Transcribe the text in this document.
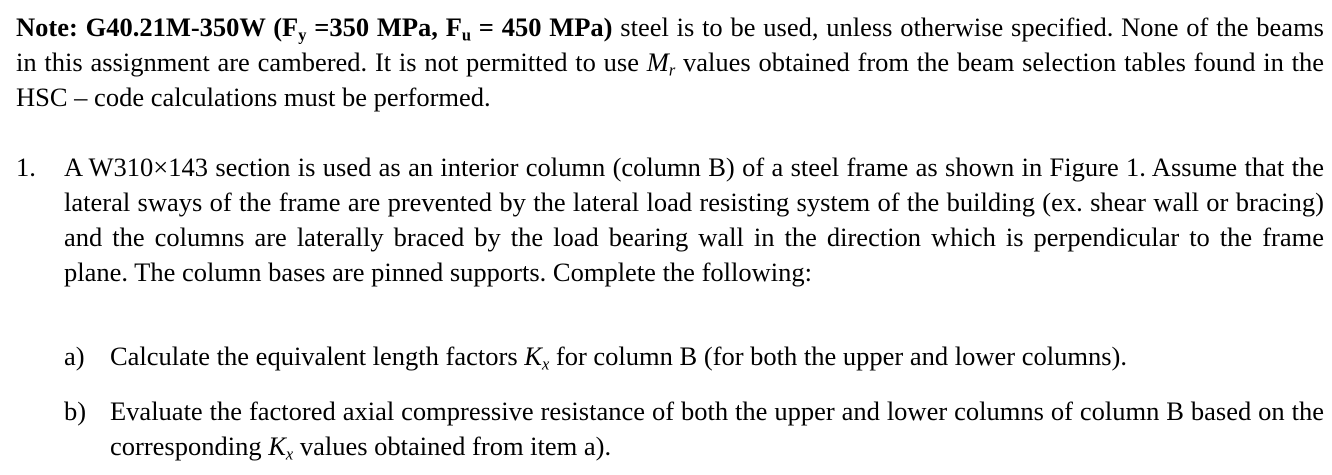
Note: G40.21M-350W ($F_y =350$ MPa, $F_u = 450$ MPa) steel is to be used, unless otherwise specified. None of the beams in this assignment are cambered. It is not permitted to use $M_r$ values obtained from the beam selection tables found in the HSC – code calculations must be performed.

1. A W310×143 section is used as an interior column (column B) of a steel frame as shown in Figure 1. Assume that the lateral sways of the frame are prevented by the lateral load resisting system of the building (ex. shear wall or bracing) and the columns are laterally braced by the load bearing wall in the direction which is perpendicular to the frame plane. The column bases are pinned supports. Complete the following:

a) Calculate the equivalent length factors $K_x$ for column B (for both the upper and lower columns).

b) Evaluate the factored axial compressive resistance of both the upper and lower columns of column B based on the corresponding $K_x$ values obtained from item a).
